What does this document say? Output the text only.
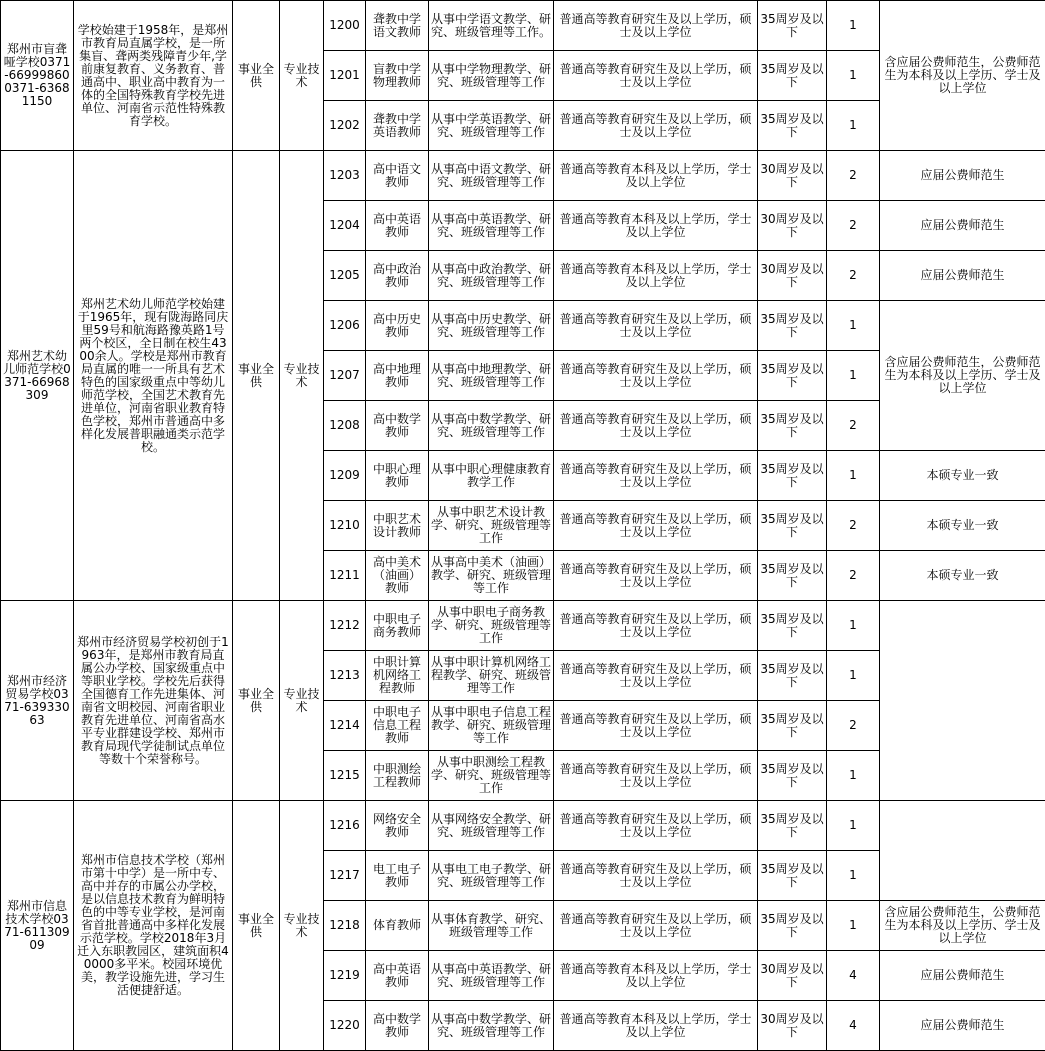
郑州市盲聋哑学校0371-66999860 0371-63681150	学校始建于1958年，是郑州市教育局直属学校，是一所集盲、聋两类残障青少年,学前康复教育、义务教育、普通高中、职业高中教育为一体的全国特殊教育学校先进单位、河南省示范性特殊教育学校。	事业全供	专业技术	1200	聋教中学语文教师	从事中学语文教学、研究、班级管理等工作。	普通高等教育研究生及以上学历，硕士及以上学位	35周岁及以下	1	含应届公费师范生，公费师范生为本科及以上学历、学士及以上学位
				1201	盲教中学物理教师	从事中学物理教学、研究、班级管理等工作	普通高等教育研究生及以上学历，硕士及以上学位	35周岁及以下	1	
				1202	聋教中学英语教师	从事中学英语教学、研究、班级管理等工作	普通高等教育研究生及以上学历，硕士及以上学位	35周岁及以下	1	
郑州艺术幼儿师范学校0371-66968309	郑州艺术幼儿师范学校始建于1965年，现有陇海路同庆里59号和航海路豫英路1号两个校区，全日制在校生4300余人。学校是郑州市教育局直属的唯一一所具有艺术特色的国家级重点中等幼儿师范学校，全国艺术教育先进单位，河南省职业教育特色学校，郑州市普通高中多样化发展普职融通类示范学校。	事业全供	专业技术	1203	高中语文教师	从事高中语文教学、研究、班级管理等工作	普通高等教育本科及以上学历，学士及以上学位	30周岁及以下	2	应届公费师范生
				1204	高中英语教师	从事高中英语教学、研究、班级管理等工作	普通高等教育本科及以上学历，学士及以上学位	30周岁及以下	2	应届公费师范生
				1205	高中政治教师	从事高中政治教学、研究、班级管理等工作	普通高等教育本科及以上学历，学士及以上学位	30周岁及以下	2	应届公费师范生
				1206	高中历史教师	从事高中历史教学、研究、班级管理等工作	普通高等教育研究生及以上学历，硕士及以上学位	35周岁及以下	1	含应届公费师范生，公费师范生为本科及以上学历、学士及以上学位
				1207	高中地理教师	从事高中地理教学、研究、班级管理等工作	普通高等教育研究生及以上学历，硕士及以上学位	35周岁及以下	1	
				1208	高中数学教师	从事高中数学教学、研究、班级管理等工作	普通高等教育研究生及以上学历，硕士及以上学位	35周岁及以下	2	
				1209	中职心理教师	从事中职心理健康教育教学工作	普通高等教育研究生及以上学历，硕士及以上学位	35周岁及以下	1	本硕专业一致
				1210	中职艺术设计教师	从事中职艺术设计教学、研究、班级管理等工作	普通高等教育研究生及以上学历，硕士及以上学位	35周岁及以下	2	本硕专业一致
				1211	高中美术（油画）教师	从事高中美术（油画）教学、研究、班级管理等工作	普通高等教育研究生及以上学历，硕士及以上学位	35周岁及以下	2	本硕专业一致
郑州市经济贸易学校0371-63933063	郑州市经济贸易学校初创于1963年，是郑州市教育局直属公办学校、国家级重点中等职业学校。学校先后获得全国德育工作先进集体、河南省文明校园、河南省职业教育先进单位、河南省高水平专业群建设学校、郑州市教育局现代学徒制试点单位等数十个荣誉称号。	事业全供	专业技术	1212	中职电子商务教师	从事中职电子商务教学、研究、班级管理等工作	普通高等教育研究生及以上学历，硕士及以上学位	35周岁及以下	1	
				1213	中职计算机网络工程教师	从事中职计算机网络工程教学、研究、班级管理等工作	普通高等教育研究生及以上学历，硕士及以上学位	35周岁及以下	1	
				1214	中职电子信息工程教师	从事中职电子信息工程教学、研究、班级管理等工作	普通高等教育研究生及以上学历，硕士及以上学位	35周岁及以下	2	
				1215	中职测绘工程教师	从事中职测绘工程教学、研究、班级管理等工作	普通高等教育研究生及以上学历，硕士及以上学位	35周岁及以下	1	
郑州市信息技术学校0371-61130909	郑州市信息技术学校（郑州市第十中学）是一所中专、高中并存的市属公办学校，是以信息技术教育为鲜明特色的中等专业学校，是河南省首批普通高中多样化发展示范学校。学校2018年3月迁入东职教园区，建筑面积40000多平米。校园环境优美，教学设施先进，学习生活便捷舒适。	事业全供	专业技术	1216	网络安全教师	从事网络安全教学、研究、班级管理等工作	普通高等教育研究生及以上学历，硕士及以上学位	35周岁及以下	1	
				1217	电工电子教师	从事电工电子教学、研究、班级管理等工作	普通高等教育研究生及以上学历，硕士及以上学位	35周岁及以下	1	
				1218	体育教师	从事体育教学、研究、班级管理等工作	普通高等教育研究生及以上学历，硕士及以上学位	35周岁及以下	1	含应届公费师范生，公费师范生为本科及以上学历、学士及以上学位
				1219	高中英语教师	从事高中英语教学、研究、班级管理等工作	普通高等教育本科及以上学历，学士及以上学位	30周岁及以下	4	应届公费师范生
				1220	高中数学教师	从事高中数学教学、研究、班级管理等工作	普通高等教育本科及以上学历，学士及以上学位	30周岁及以下	4	应届公费师范生
